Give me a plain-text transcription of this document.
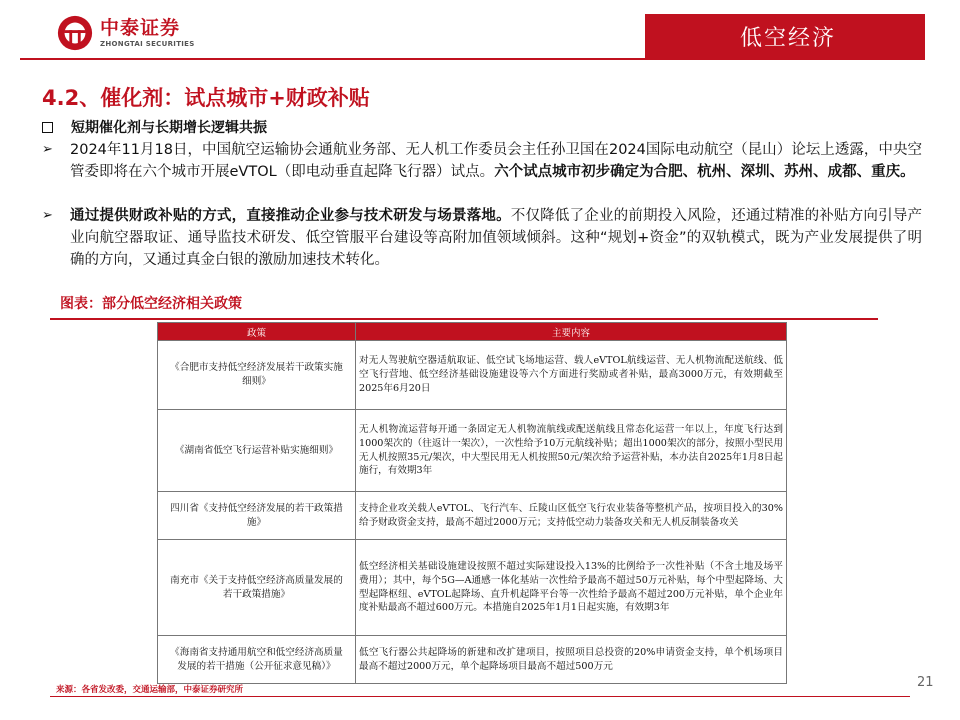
中泰证券
ZHONGTAI SECURITIES	低空经济
4.2、催化剂：试点城市+财政补贴
短期催化剂与长期增长逻辑共振
➢ 2024年11月18日，中国航空运输协会通航业务部、无人机工作委员会主任孙卫国在2024国际电动航空（昆山）论坛上透露，中央空管委即将在六个城市开展eVTOL（即电动垂直起降飞行器）试点。六个试点城市初步确定为合肥、杭州、深圳、苏州、成都、重庆。
➢ 通过提供财政补贴的方式，直接推动企业参与技术研发与场景落地。不仅降低了企业的前期投入风险，还通过精准的补贴方向引导产业向航空器取证、通导监技术研发、低空管服平台建设等高附加值领域倾斜。这种“规划+资金”的双轨模式，既为产业发展提供了明确的方向，又通过真金白银的激励加速技术转化。
图表：部分低空经济相关政策
政策	主要内容
《合肥市支持低空经济发展若干政策实施细则》	对无人驾驶航空器适航取证、低空试飞场地运营、载人eVTOL航线运营、无人机物流配送航线、低空飞行营地、低空经济基础设施建设等六个方面进行奖励或者补贴，最高3000万元，有效期截至2025年6月20日
《湖南省低空飞行运营补贴实施细则》	无人机物流运营每开通一条固定无人机物流航线或配送航线且常态化运营一年以上，年度飞行达到1000架次的（往返计一架次），一次性给予10万元航线补贴；超出1000架次的部分，按照小型民用无人机按照35元/架次，中大型民用无人机按照50元/架次给予运营补贴，本办法自2025年1月8日起施行，有效期3年
四川省《支持低空经济发展的若干政策措施》	支持企业攻关载人eVTOL、飞行汽车、丘陵山区低空飞行农业装备等整机产品，按项目投入的30%给予财政资金支持，最高不超过2000万元；支持低空动力装备攻关和无人机反制装备攻关
南充市《关于支持低空经济高质量发展的若干政策措施》	低空经济相关基础设施建设按照不超过实际建设投入13%的比例给予一次性补贴（不含土地及场平费用）；其中，每个5G—A通感一体化基站一次性给予最高不超过50万元补贴，每个中型起降场、大型起降枢纽、eVTOL起降场、直升机起降平台等一次性给予最高不超过200万元补贴，单个企业年度补贴最高不超过600万元。本措施自2025年1月1日起实施，有效期3年
《海南省支持通用航空和低空经济高质量发展的若干措施（公开征求意见稿）》	低空飞行器公共起降场的新建和改扩建项目，按照项目总投资的20%申请资金支持，单个机场项目最高不超过2000万元，单个起降场项目最高不超过500万元
来源：各省发改委，交通运输部，中泰证券研究所	21
